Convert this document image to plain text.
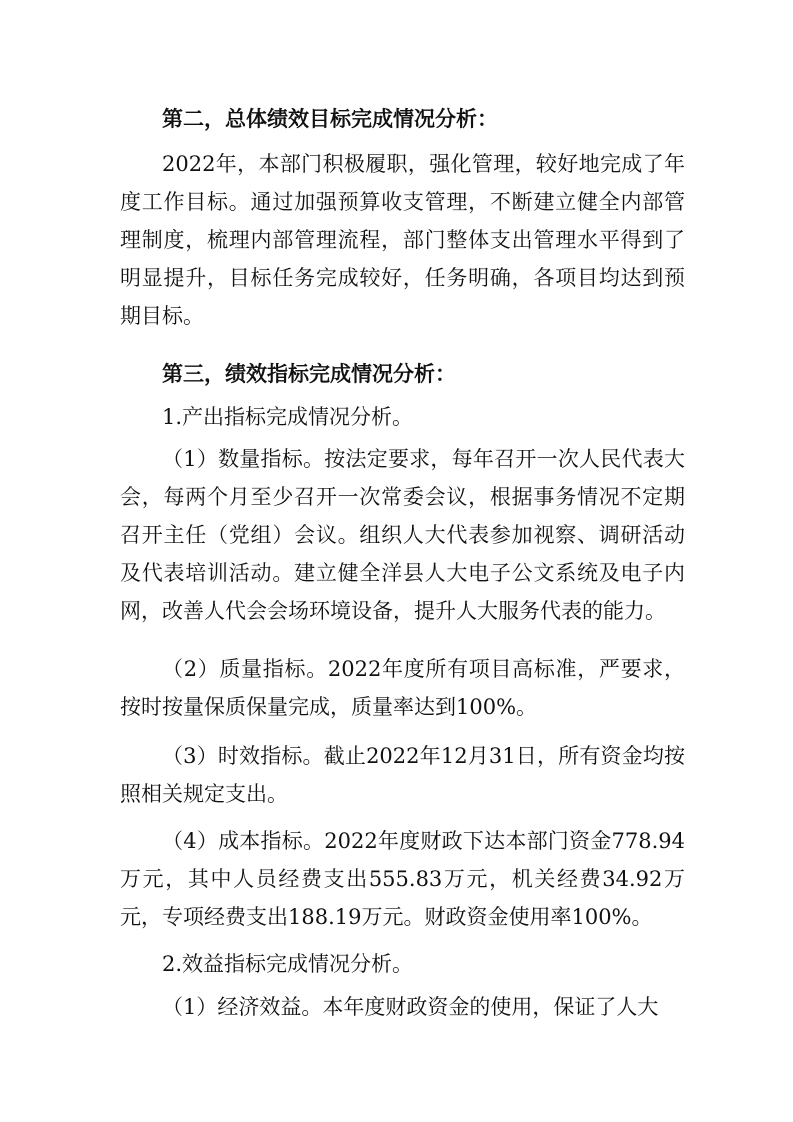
第二，总体绩效目标完成情况分析：

2022年，本部门积极履职，强化管理，较好地完成了年度工作目标。通过加强预算收支管理，不断建立健全内部管理制度，梳理内部管理流程，部门整体支出管理水平得到了明显提升，目标任务完成较好，任务明确，各项目均达到预期目标。

第三，绩效指标完成情况分析：

1.产出指标完成情况分析。

（1）数量指标。按法定要求，每年召开一次人民代表大会，每两个月至少召开一次常委会议，根据事务情况不定期召开主任（党组）会议。组织人大代表参加视察、调研活动及代表培训活动。建立健全洋县人大电子公文系统及电子内网，改善人代会会场环境设备，提升人大服务代表的能力。

（2）质量指标。2022年度所有项目高标准，严要求，按时按量保质保量完成，质量率达到100%。

（3）时效指标。截止2022年12月31日，所有资金均按照相关规定支出。

（4）成本指标。2022年度财政下达本部门资金778.94万元，其中人员经费支出555.83万元，机关经费34.92万元，专项经费支出188.19万元。财政资金使用率100%。

2.效益指标完成情况分析。

（1）经济效益。本年度财政资金的使用，保证了人大
